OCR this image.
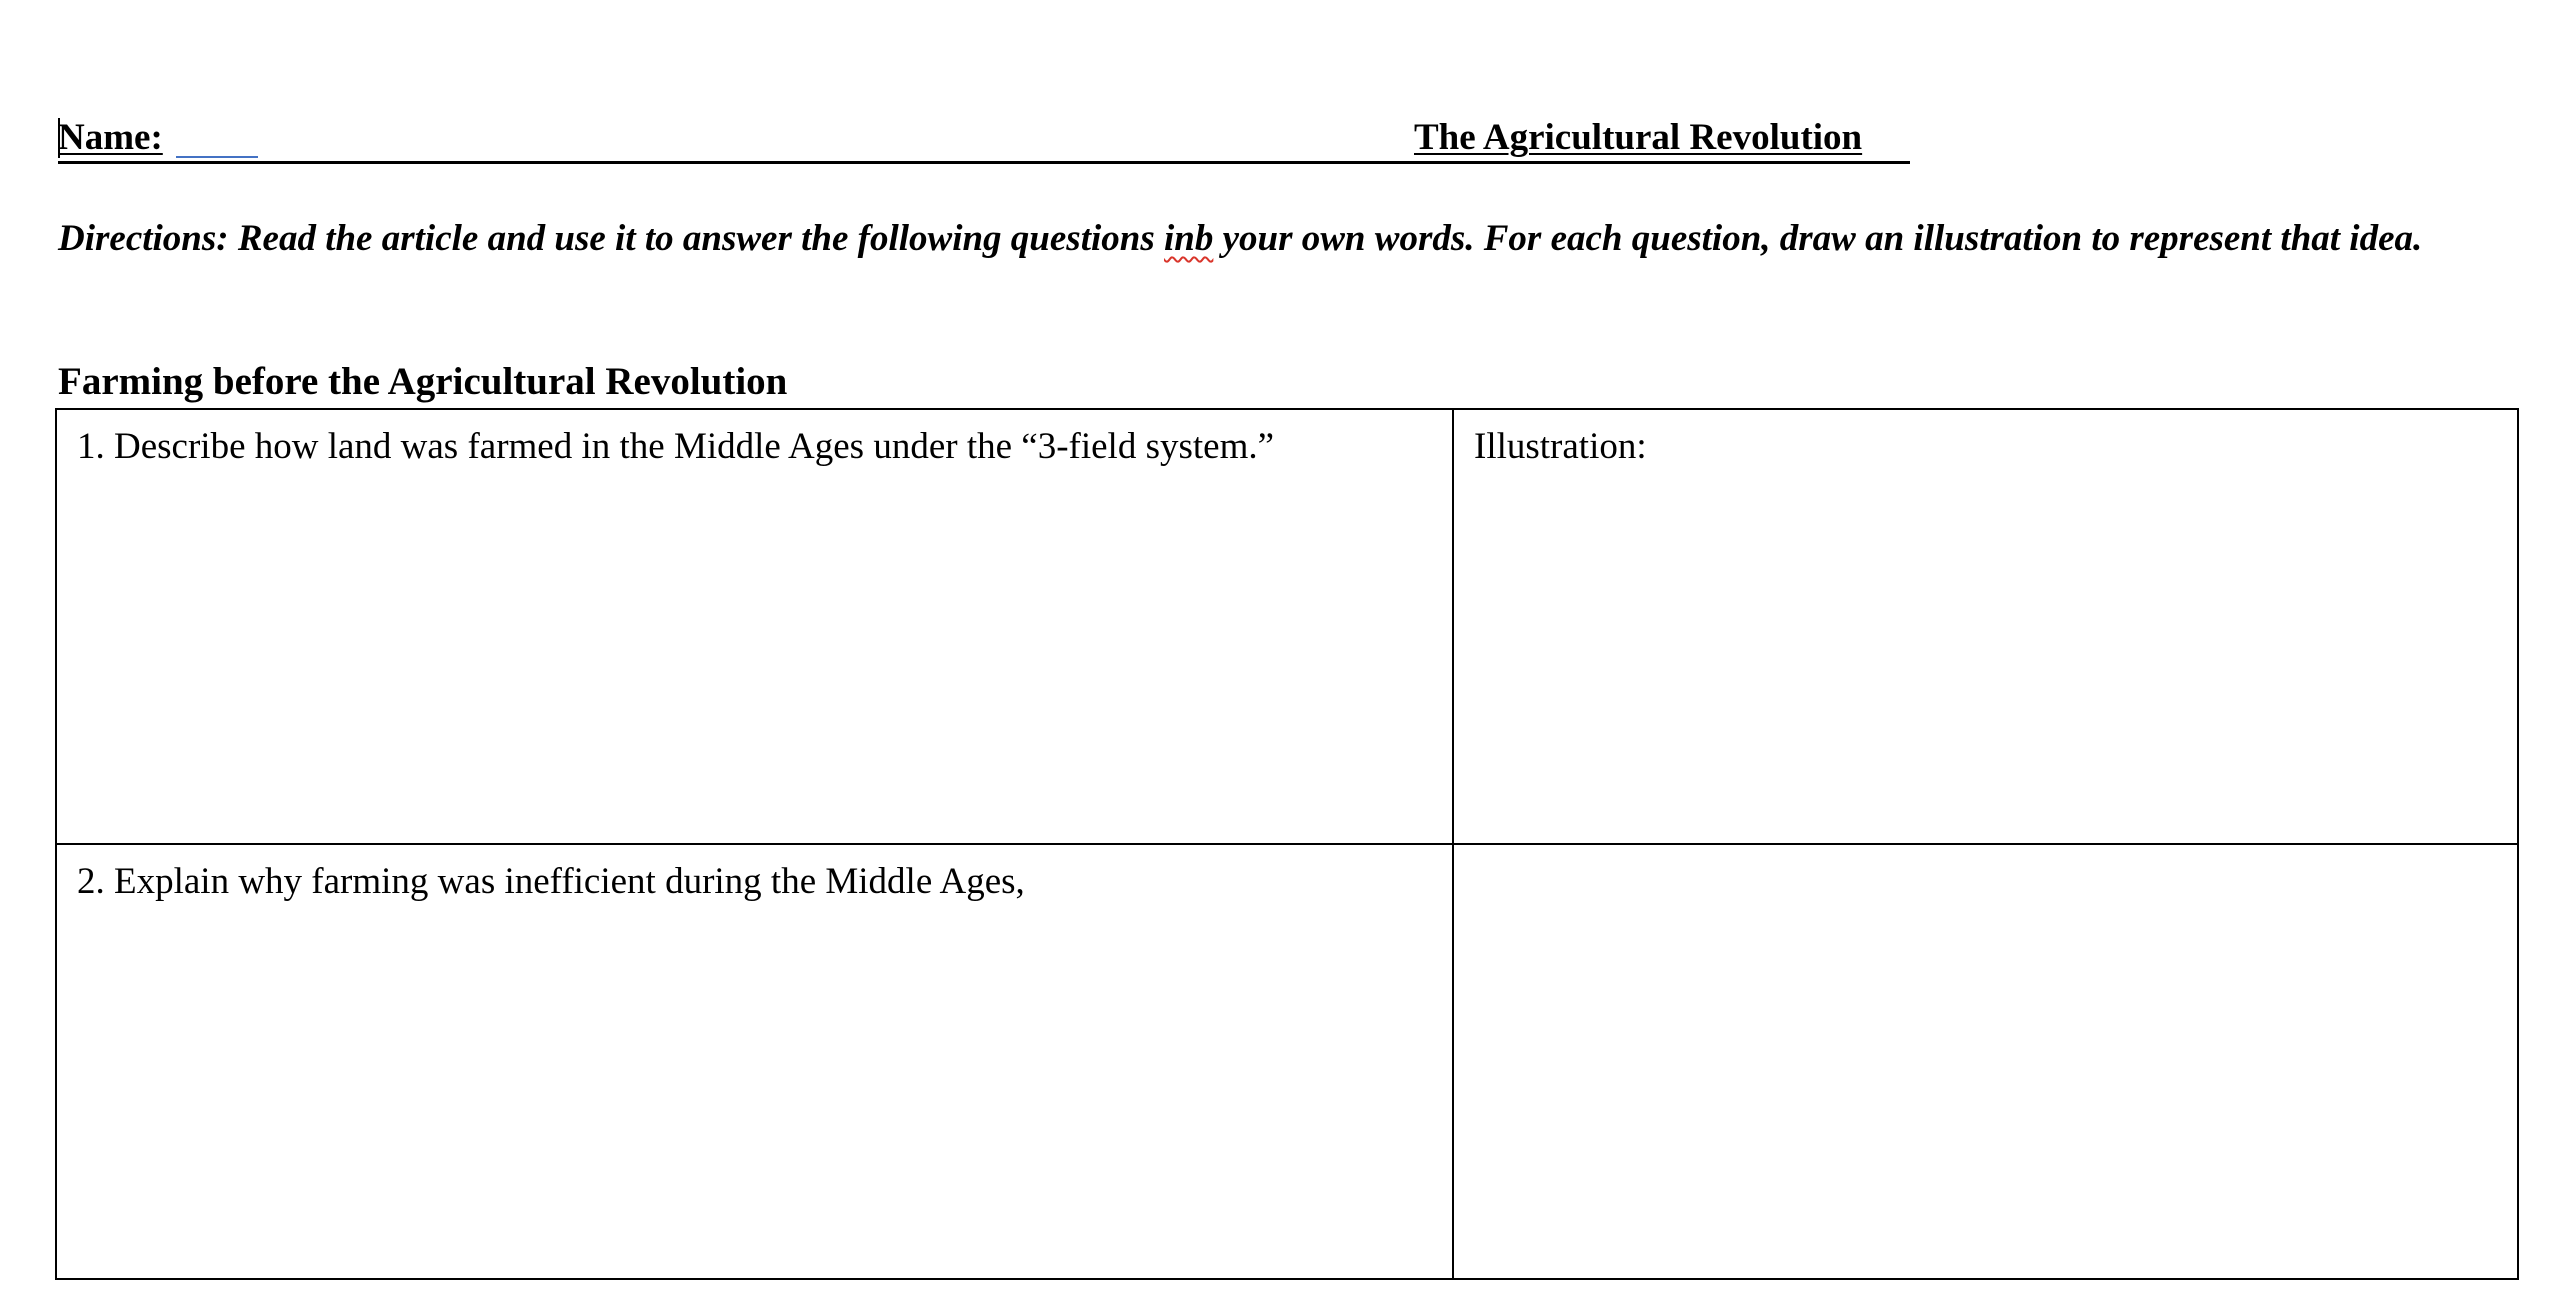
Name:	The Agricultural Revolution
Directions: Read the article and use it to answer the following questions inb your own words. For each question, draw an illustration to represent that idea.
Farming before the Agricultural Revolution
1. Describe how land was farmed in the Middle Ages under the “3-field system.”	Illustration:
2. Explain why farming was inefficient during the Middle Ages,	
